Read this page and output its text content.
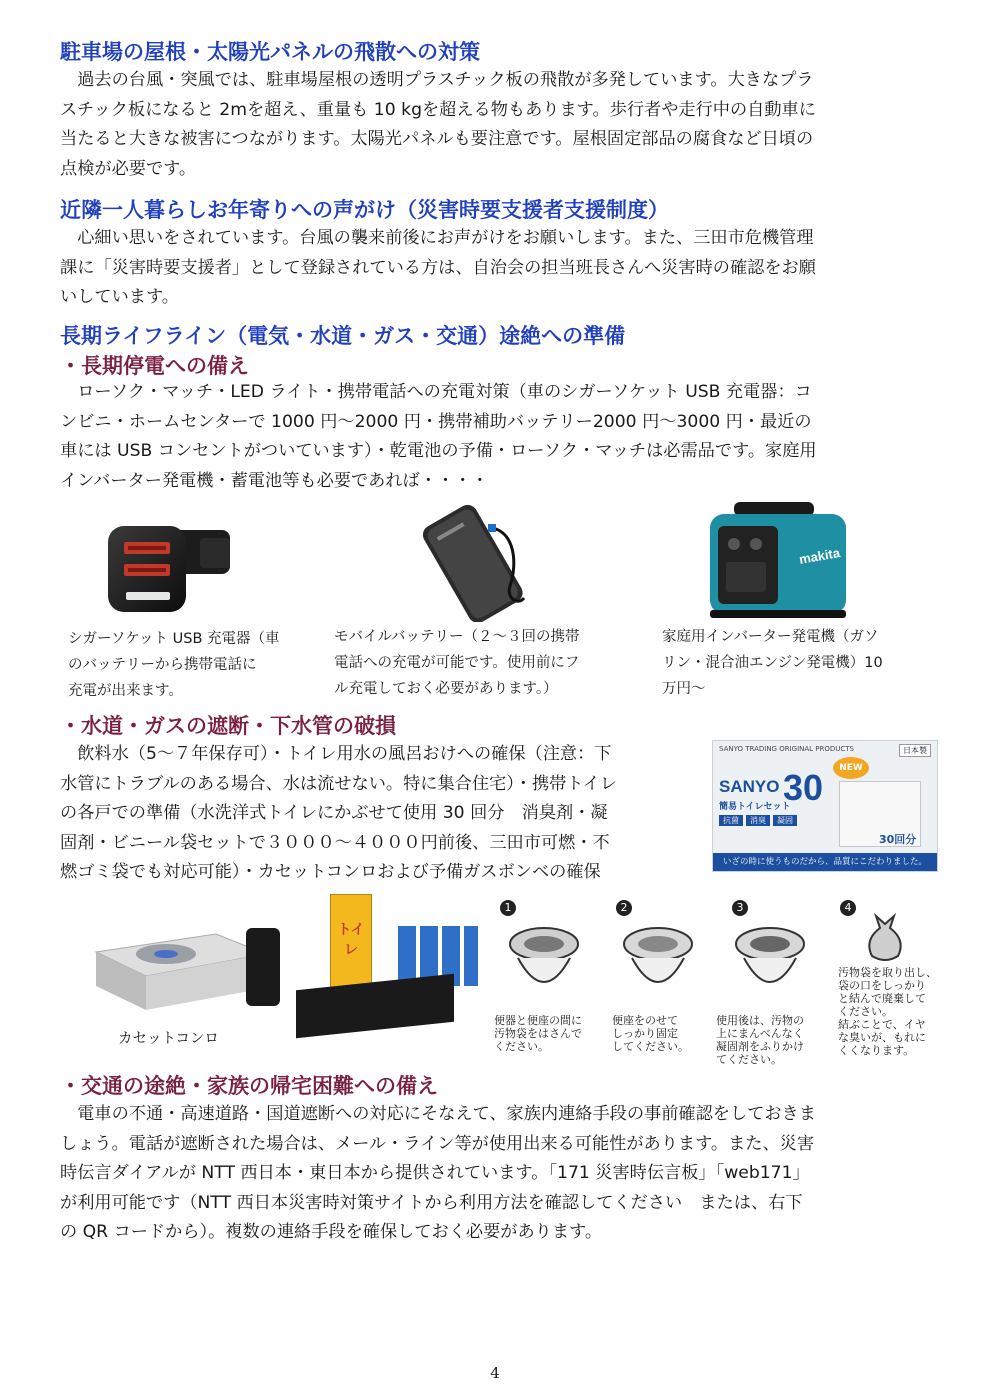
駐車場の屋根・太陽光パネルの飛散への対策

　過去の台風・突風では、駐車場屋根の透明プラスチック板の飛散が多発しています。大きなプラ

スチック板になると 2mを超え、重量も 10 kgを超える物もあります。歩行者や走行中の自動車に

当たると大きな被害につながります。太陽光パネルも要注意です。屋根固定部品の腐食など日頃の

点検が必要です。

近隣一人暮らしお年寄りへの声がけ（災害時要支援者支援制度）

　心細い思いをされています。台風の襲来前後にお声がけをお願いします。また、三田市危機管理

課に「災害時要支援者」として登録されている方は、自治会の担当班長さんへ災害時の確認をお願

いしています。

長期ライフライン（電気・水道・ガス・交通）途絶への準備
・長期停電への備え

　ローソク・マッチ・LED ライト・携帯電話への充電対策（車のシガーソケット USB 充電器：コ

ンビニ・ホームセンターで 1000 円～2000 円・携帯補助バッテリー2000 円～3000 円・最近の

車には USB コンセントがついています）・乾電池の予備・ローソク・マッチは必需品です。家庭用

インバーター発電機・蓄電池等も必要であれば・・・・

makita

シガーソケット USB 充電器（車

のバッテリーから携帯電話に

充電が出来ます。

モバイルバッテリー（２～３回の携帯

電話への充電が可能です。使用前にフ

ル充電しておく必要があります。）

家庭用インバーター発電機（ガソ

リン・混合油エンジン発電機）10

万円～

・水道・ガスの遮断・下水管の破損

　飲料水（5～７年保存可）・トイレ用水の風呂おけへの確保（注意：下

水管にトラブルのある場合、水は流せない。特に集合住宅）・携帯トイレ

の各戸での準備（水洗洋式トイレにかぶせて使用 30 回分　消臭剤・凝

固剤・ビニール袋セットで３０００～４０００円前後、三田市可燃・不

燃ゴミ袋でも対応可能）・カセットコンロおよび予備ガスボンベの確保

SANYO TRADING ORIGINAL PRODUCTS	日本製
NEW
SANYO 30
簡易トイレセット
抗菌	消臭	凝固
30回分
いざの時に使うものだから、品質にこだわりました。
カセットコンロ
トイレ
1
便器と便座の間に
汚物袋をはさんで
ください。
2
便座をのせて
しっかり固定
してください。
3
使用後は、汚物の
上にまんべんなく
凝固剤をふりかけ
てください。
4
汚物袋を取り出し、
袋の口をしっかり
と結んで廃棄して
ください。
結ぶことで、イヤ
な臭いが、もれに
くくなります。
・交通の途絶・家族の帰宅困難への備え

　電車の不通・高速道路・国道遮断への対応にそなえて、家族内連絡手段の事前確認をしておきま

しょう。電話が遮断された場合は、メール・ライン等が使用出来る可能性があります。また、災害

時伝言ダイアルが NTT 西日本・東日本から提供されています。「171 災害時伝言板」「web171」

が利用可能です（NTT 西日本災害時対策サイトから利用方法を確認してください　または、右下

の QR コードから）。複数の連絡手段を確保しておく必要があります。

4
